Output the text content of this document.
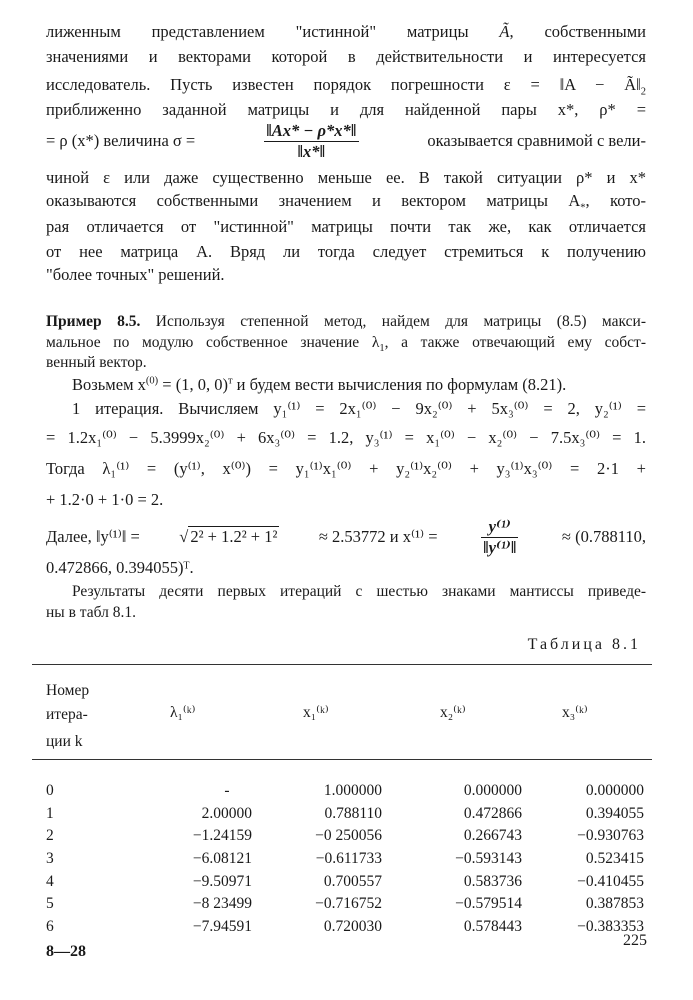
лиженным представлением "истинной" матрицы Ã, собственными
значениями и векторами которой в действительности и интересуется
исследователь. Пусть известен порядок погрешности ε = ‖A − $Ã‖_2$
приближенно заданной матрицы и для найденной пары x*, ρ* =
= ρ (x*) величина σ =	$\frac{‖Ax* - \rho*x*‖}{‖x*‖}$	оказывается сравнимой с вели-
чиной ε или даже существенно меньше ее. В такой ситуации ρ* и x*
оказываются собственными значением и вектором матрицы $A_*$, кото-
рая отличается от "истинной" матрицы почти так же, как отличается
от нее матрица A. Вряд ли тогда следует стремиться к получению
"более точных" решений.
Пример 8.5. Используя степенной метод, найдем для матрицы (8.5) макси-
мальное по модулю собственное значение $\lambda_1$, а также отвечающий ему собст-
венный вектор.
Возьмем $x^{(0)} = (1$, 0, 0)$^т$ и будем вести вычисления по формулам (8.21).
1 итерация. Вычисляем y₁⁽¹⁾ = 2x₁⁽⁰⁾ − 9x₂⁽⁰⁾ + 5x₃⁽⁰⁾ = 2, y₂⁽¹⁾ =
= 1.2x₁⁽⁰⁾ − 5.3999x₂⁽⁰⁾ + 6x₃⁽⁰⁾ = 1.2, y₃⁽¹⁾ = x₁⁽⁰⁾ − x₂⁽⁰⁾ − 7.5x₃⁽⁰⁾ = 1.
Тогда λ₁⁽¹⁾ = (y⁽¹⁾, x⁽⁰⁾) = y₁⁽¹⁾x₁⁽⁰⁾ + y₂⁽¹⁾x₂⁽⁰⁾ + y₃⁽¹⁾x₃⁽⁰⁾ = 2·1 +
+ 1.2·0 + 1·0 = 2.
Далее, ‖y⁽¹⁾‖ = √ 2² + 1.2² + 1²	≈ 2.53772 и x⁽¹⁾ =	$\frac{\text{y⁽¹⁾}}{\text{‖y⁽¹⁾‖}}$	≈ (0.788110,
0.472866, 0.394055)ᵀ.
Результаты десяти первых итераций с шестью знаками мантиссы приведе-
ны в табл 8.1.
Таблица 8.1
Номер
итера-
ции k
λ₁⁽ᵏ⁾	x₁⁽ᵏ⁾	x₂⁽ᵏ⁾	x₃⁽ᵏ⁾
0	-	1.000000	0.000000	0.000000
1	2.00000	0.788110	0.472866	0.394055
2	−1.24159	−0 250056	0.266743	−0.930763
3	−6.08121	−0.611733	−0.593143	0.523415
4	−9.50971	0.700557	0.583736	−0.410455
5	−8 23499	−0.716752	−0.579514	0.387853
6	−7.94591	0.720030	0.578443	−0.383353
8—28
225
